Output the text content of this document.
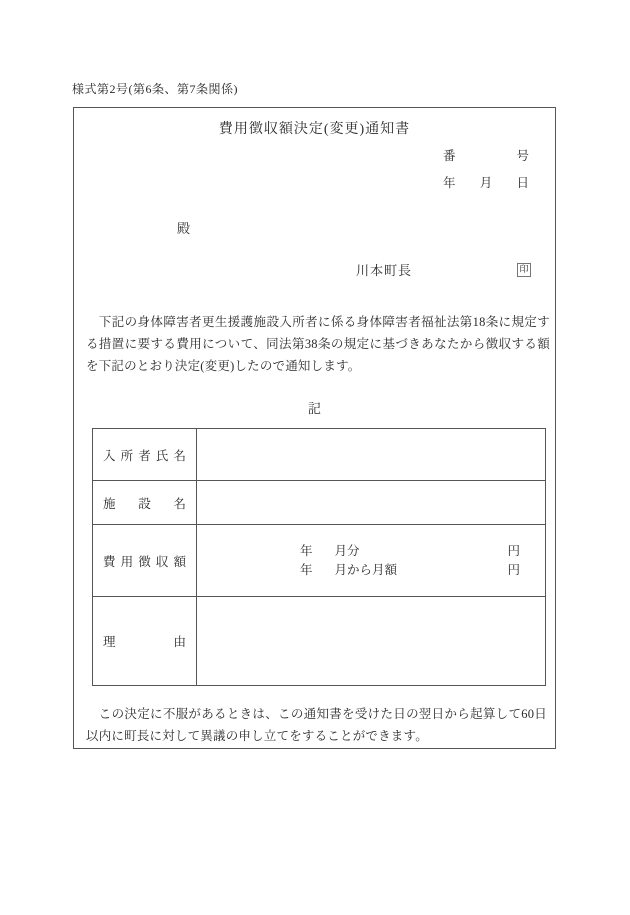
様式第2号(第6条、第7条関係)
費用徴収額決定(変更)通知書
番	号
年 月 日
殿
川本町長	印
　下記の身体障害者更生援護施設入所者に係る身体障害者福祉法第18条に規定する措置に要する費用について、同法第38条の規定に基づきあなたから徴収する額を下記のとおり決定(変更)したので通知します。
記
入 所 者 氏 名	
施 設 名	
費 用 徴 収 額	
年 月分	円
年 月から月額	円

理 由	
　この決定に不服があるときは、この通知書を受けた日の翌日から起算して60日以内に町長に対して異議の申し立てをすることができます。
